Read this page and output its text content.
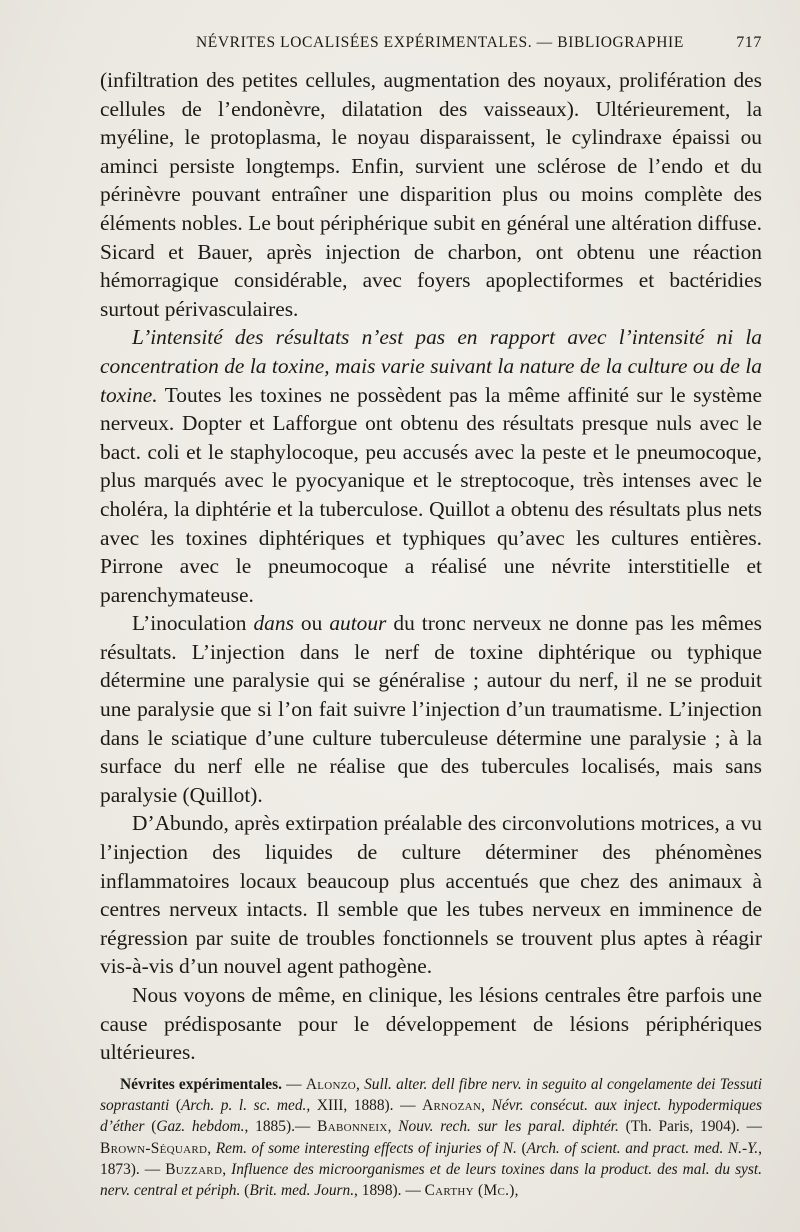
NÉVRITES LOCALISÉES EXPÉRIMENTALES. — BIBLIOGRAPHIE	717

(infiltration des petites cellules, augmentation des noyaux, prolifération des cellules de l’endonèvre, dilatation des vaisseaux). Ultérieurement, la myéline, le protoplasma, le noyau disparaissent, le cylindraxe épaissi ou aminci persiste longtemps. Enfin, survient une sclérose de l’endo et du périnèvre pouvant entraîner une disparition plus ou moins complète des éléments nobles. Le bout périphérique subit en général une altération diffuse. Sicard et Bauer, après injection de charbon, ont obtenu une réaction hémorragique considérable, avec foyers apoplectiformes et bactéridies surtout périvasculaires.

L’intensité des résultats n’est pas en rapport avec l’intensité ni la concentration de la toxine, mais varie suivant la nature de la culture ou de la toxine. Toutes les toxines ne possèdent pas la même affinité sur le système nerveux. Dopter et Lafforgue ont obtenu des résultats presque nuls avec le bact. coli et le staphylocoque, peu accusés avec la peste et le pneumocoque, plus marqués avec le pyocyanique et le streptocoque, très intenses avec le choléra, la diphtérie et la tuberculose. Quillot a obtenu des résultats plus nets avec les toxines diphtériques et typhiques qu’avec les cultures entières. Pirrone avec le pneumocoque a réalisé une névrite interstitielle et parenchymateuse.

L’inoculation dans ou autour du tronc nerveux ne donne pas les mêmes résultats. L’injection dans le nerf de toxine diphtérique ou typhique détermine une paralysie qui se généralise ; autour du nerf, il ne se produit une paralysie que si l’on fait suivre l’injection d’un traumatisme. L’injection dans le sciatique d’une culture tuberculeuse détermine une paralysie ; à la surface du nerf elle ne réalise que des tubercules localisés, mais sans paralysie (Quillot).

D’Abundo, après extirpation préalable des circonvolutions motrices, a vu l’injection des liquides de culture déterminer des phénomènes inflammatoires locaux beaucoup plus accentués que chez des animaux à centres nerveux intacts. Il semble que les tubes nerveux en imminence de régression par suite de troubles fonctionnels se trouvent plus aptes à réagir vis-à-vis d’un nouvel agent pathogène.

Nous voyons de même, en clinique, les lésions centrales être parfois une cause prédisposante pour le développement de lésions périphériques ultérieures.

Névrites expérimentales. — Alonzo, Sull. alter. dell fibre nerv. in seguito al congelamente dei Tessuti soprastanti (Arch. p. l. sc. med., XIII, 1888). — Arnozan, Névr. consécut. aux inject. hypodermiques d’éther (Gaz. hebdom., 1885).— Babonneix, Nouv. rech. sur les paral. diphtér. (Th. Paris, 1904). — Brown-Séquard, Rem. of some interesting effects of injuries of N. (Arch. of scient. and pract. med. N.-Y., 1873). — Buzzard, Influence des microorganismes et de leurs toxines dans la product. des mal. du syst. nerv. central et périph. (Brit. med. Journ., 1898). — Carthy (Mc.),
